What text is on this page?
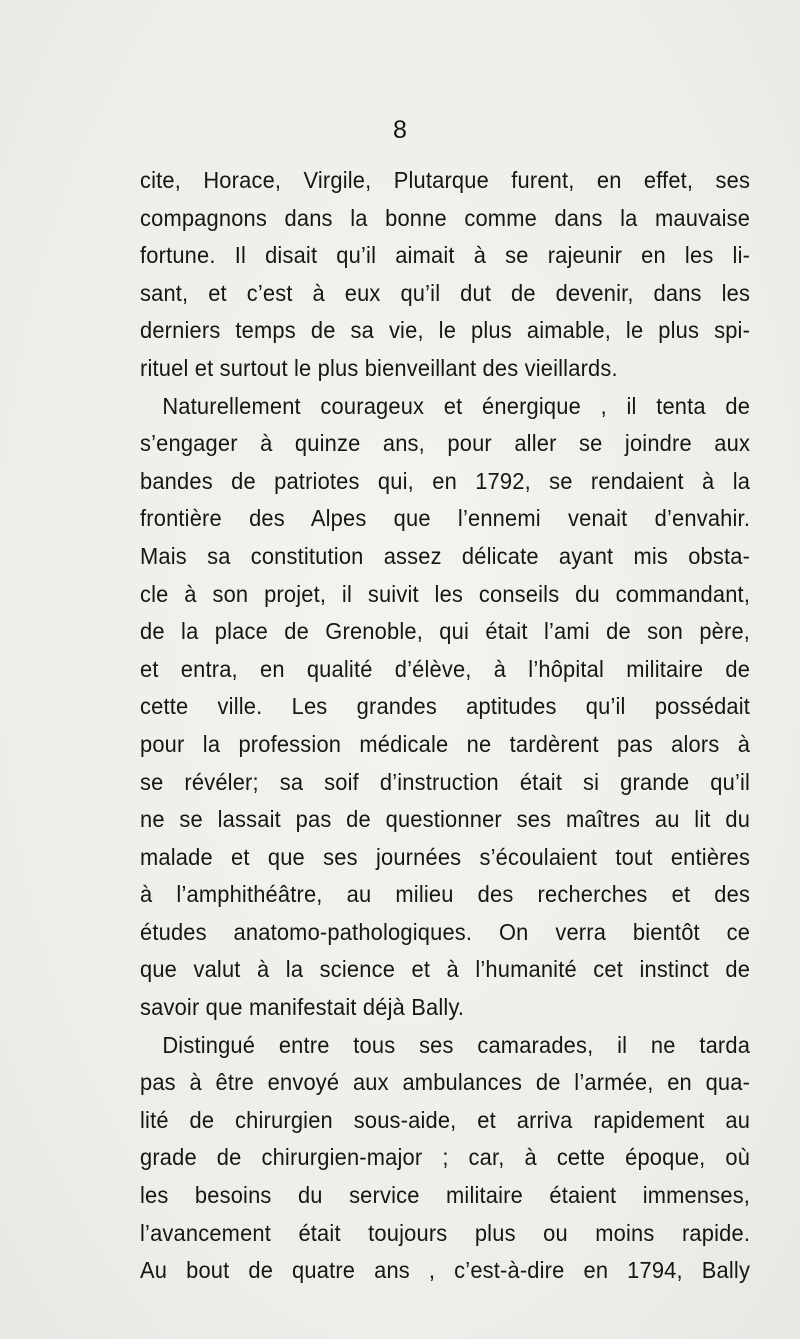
8
cite, Horace, Virgile, Plutarque furent, en effet, ses
compagnons dans la bonne comme dans la mauvaise
fortune. Il disait qu’il aimait à se rajeunir en les li-
sant, et c’est à eux qu’il dut de devenir, dans les
derniers temps de sa vie, le plus aimable, le plus spi-
rituel et surtout le plus bienveillant des vieillards.
Naturellement courageux et énergique , il tenta de
s’engager à quinze ans, pour aller se joindre aux
bandes de patriotes qui, en 1792, se rendaient à la
frontière des Alpes que l’ennemi venait d’envahir.
Mais sa constitution assez délicate ayant mis obsta-
cle à son projet, il suivit les conseils du commandant,
de la place de Grenoble, qui était l’ami de son père,
et entra, en qualité d’élève, à l’hôpital militaire de
cette ville. Les grandes aptitudes qu’il possédait
pour la profession médicale ne tardèrent pas alors à
se révéler; sa soif d’instruction était si grande qu’il
ne se lassait pas de questionner ses maîtres au lit du
malade et que ses journées s’écoulaient tout entières
à l’amphithéâtre, au milieu des recherches et des
études anatomo-pathologiques. On verra bientôt ce
que valut à la science et à l’humanité cet instinct de
savoir que manifestait déjà Bally.
Distingué entre tous ses camarades, il ne tarda
pas à être envoyé aux ambulances de l’armée, en qua-
lité de chirurgien sous-aide, et arriva rapidement au
grade de chirurgien-major ; car, à cette époque, où
les besoins du service militaire étaient immenses,
l’avancement était toujours plus ou moins rapide.
Au bout de quatre ans , c’est-à-dire en 1794, Bally
